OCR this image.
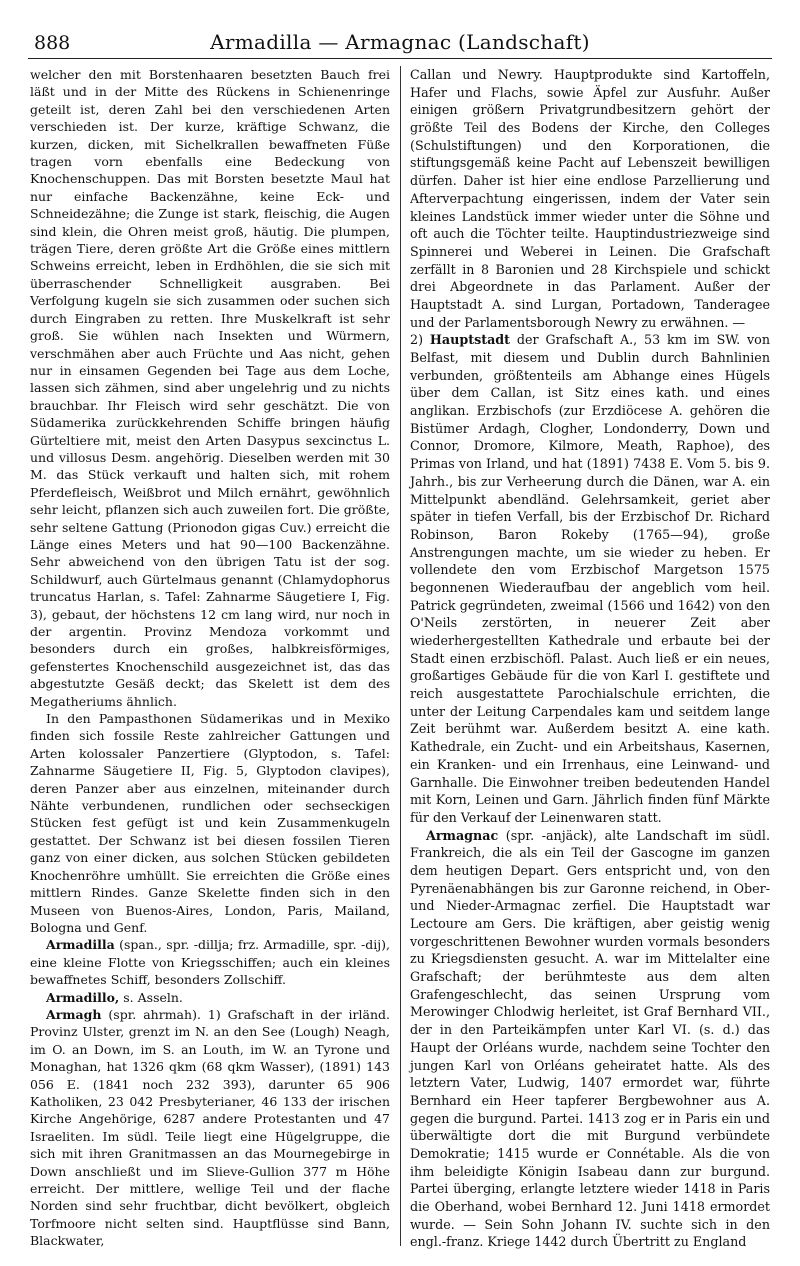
888	Armadilla — Armagnac (Landschaft)

welcher den mit Borstenhaaren besetzten Bauch frei läßt und in der Mitte des Rückens in Schienenringe geteilt ist, deren Zahl bei den verschiedenen Arten verschieden ist. Der kurze, kräftige Schwanz, die kurzen, dicken, mit Sichelkrallen bewaffneten Füße tragen vorn ebenfalls eine Bedeckung von Knochenschuppen. Das mit Borsten besetzte Maul hat nur einfache Backenzähne, keine Eck- und Schneidezähne; die Zunge ist stark, fleischig, die Augen sind klein, die Ohren meist groß, häutig. Die plumpen, trägen Tiere, deren größte Art die Größe eines mittlern Schweins erreicht, leben in Erdhöhlen, die sie sich mit überraschender Schnelligkeit ausgraben. Bei Verfolgung kugeln sie sich zusammen oder suchen sich durch Eingraben zu retten. Ihre Muskelkraft ist sehr groß. Sie wühlen nach Insekten und Würmern, verschmähen aber auch Früchte und Aas nicht, gehen nur in einsamen Gegenden bei Tage aus dem Loche, lassen sich zähmen, sind aber ungelehrig und zu nichts brauchbar. Ihr Fleisch wird sehr geschätzt. Die von Südamerika zurückkehrenden Schiffe bringen häufig Gürteltiere mit, meist den Arten Dasypus sexcinctus L. und villosus Desm. angehörig. Dieselben werden mit 30 M. das Stück verkauft und halten sich, mit rohem Pferdefleisch, Weißbrot und Milch ernährt, gewöhnlich sehr leicht, pflanzen sich auch zuweilen fort. Die größte, sehr seltene Gattung (Prionodon gigas Cuv.) erreicht die Länge eines Meters und hat 90—100 Backenzähne. Sehr abweichend von den übrigen Tatu ist der sog. Schildwurf, auch Gürtelmaus genannt (Chlamydophorus truncatus Harlan, s. Tafel: Zahnarme Säugetiere I, Fig. 3), gebaut, der höchstens 12 cm lang wird, nur noch in der argentin. Provinz Mendoza vorkommt und besonders durch ein großes, halbkreisförmiges, gefenstertes Knochenschild ausgezeichnet ist, das das abgestutzte Gesäß deckt; das Skelett ist dem des Megatheriums ähnlich.

In den Pampasthonen Südamerikas und in Mexiko finden sich fossile Reste zahlreicher Gattungen und Arten kolossaler Panzertiere (Glyptodon, s. Tafel: Zahnarme Säugetiere II, Fig. 5, Glyptodon clavipes), deren Panzer aber aus einzelnen, miteinander durch Nähte verbundenen, rundlichen oder sechseckigen Stücken fest gefügt ist und kein Zusammenkugeln gestattet. Der Schwanz ist bei diesen fossilen Tieren ganz von einer dicken, aus solchen Stücken gebildeten Knochenröhre umhüllt. Sie erreichten die Größe eines mittlern Rindes. Ganze Skelette finden sich in den Museen von Buenos-Aires, London, Paris, Mailand, Bologna und Genf.

Armadilla (span., spr. -dillja; frz. Armadille, spr. -dij), eine kleine Flotte von Kriegsschiffen; auch ein kleines bewaffnetes Schiff, besonders Zollschiff.

Armadillo, s. Asseln.

Armagh (spr. ahrmah). 1) Grafschaft in der irländ. Provinz Ulster, grenzt im N. an den See (Lough) Neagh, im O. an Down, im S. an Louth, im W. an Tyrone und Monaghan, hat 1326 qkm (68 qkm Wasser), (1891) 143 056 E. (1841 noch 232 393), darunter 65 906 Katholiken, 23 042 Presbyterianer, 46 133 der irischen Kirche Angehörige, 6287 andere Protestanten und 47 Israeliten. Im südl. Teile liegt eine Hügelgruppe, die sich mit ihren Granitmassen an das Mournegebirge in Down anschließt und im Slieve-Gullion 377 m Höhe erreicht. Der mittlere, wellige Teil und der flache Norden sind sehr fruchtbar, dicht bevölkert, obgleich Torfmoore nicht selten sind. Hauptflüsse sind Bann, Blackwater,

Callan und Newry. Hauptprodukte sind Kartoffeln, Hafer und Flachs, sowie Äpfel zur Ausfuhr. Außer einigen größern Privatgrundbesitzern gehört der größte Teil des Bodens der Kirche, den Colleges (Schulstiftungen) und den Korporationen, die stiftungsgemäß keine Pacht auf Lebenszeit bewilligen dürfen. Daher ist hier eine endlose Parzellierung und Afterverpachtung eingerissen, indem der Vater sein kleines Landstück immer wieder unter die Söhne und oft auch die Töchter teilte. Hauptindustriezweige sind Spinnerei und Weberei in Leinen. Die Grafschaft zerfällt in 8 Baronien und 28 Kirchspiele und schickt drei Abgeordnete in das Parlament. Außer der Hauptstadt A. sind Lurgan, Portadown, Tanderagee und der Parlamentsborough Newry zu erwähnen. —

2) Hauptstadt der Grafschaft A., 53 km im SW. von Belfast, mit diesem und Dublin durch Bahnlinien verbunden, größtenteils am Abhange eines Hügels über dem Callan, ist Sitz eines kath. und eines anglikan. Erzbischofs (zur Erzdiöcese A. gehören die Bistümer Ardagh, Clogher, Londonderry, Down und Connor, Dromore, Kilmore, Meath, Raphoe), des Primas von Irland, und hat (1891) 7438 E. Vom 5. bis 9. Jahrh., bis zur Verheerung durch die Dänen, war A. ein Mittelpunkt abendländ. Gelehrsamkeit, geriet aber später in tiefen Verfall, bis der Erzbischof Dr. Richard Robinson, Baron Rokeby (1765—94), große Anstrengungen machte, um sie wieder zu heben. Er vollendete den vom Erzbischof Margetson 1575 begonnenen Wiederaufbau der angeblich vom heil. Patrick gegründeten, zweimal (1566 und 1642) von den O'Neils zerstörten, in neuerer Zeit aber wiederhergestellten Kathedrale und erbaute bei der Stadt einen erzbischöfl. Palast. Auch ließ er ein neues, großartiges Gebäude für die von Karl I. gestiftete und reich ausgestattete Parochialschule errichten, die unter der Leitung Carpendales kam und seitdem lange Zeit berühmt war. Außerdem besitzt A. eine kath. Kathedrale, ein Zucht- und ein Arbeitshaus, Kasernen, ein Kranken- und ein Irrenhaus, eine Leinwand- und Garnhalle. Die Einwohner treiben bedeutenden Handel mit Korn, Leinen und Garn. Jährlich finden fünf Märkte für den Verkauf der Leinenwaren statt.

Armagnac (spr. -anjäck), alte Landschaft im südl. Frankreich, die als ein Teil der Gascogne im ganzen dem heutigen Depart. Gers entspricht und, von den Pyrenäenabhängen bis zur Garonne reichend, in Ober- und Nieder-Armagnac zerfiel. Die Hauptstadt war Lectoure am Gers. Die kräftigen, aber geistig wenig vorgeschrittenen Bewohner wurden vormals besonders zu Kriegsdiensten gesucht. A. war im Mittelalter eine Grafschaft; der berühmteste aus dem alten Grafengeschlecht, das seinen Ursprung vom Merowinger Chlodwig herleitet, ist Graf Bernhard VII., der in den Parteikämpfen unter Karl VI. (s. d.) das Haupt der Orléans wurde, nachdem seine Tochter den jungen Karl von Orléans geheiratet hatte. Als des letztern Vater, Ludwig, 1407 ermordet war, führte Bernhard ein Heer tapferer Bergbewohner aus A. gegen die burgund. Partei. 1413 zog er in Paris ein und überwältigte dort die mit Burgund verbündete Demokratie; 1415 wurde er Connétable. Als die von ihm beleidigte Königin Isabeau dann zur burgund. Partei überging, erlangte letztere wieder 1418 in Paris die Oberhand, wobei Bernhard 12. Juni 1418 ermordet wurde. — Sein Sohn Johann IV. suchte sich in den engl.-franz. Kriege 1442 durch Übertritt zu England
